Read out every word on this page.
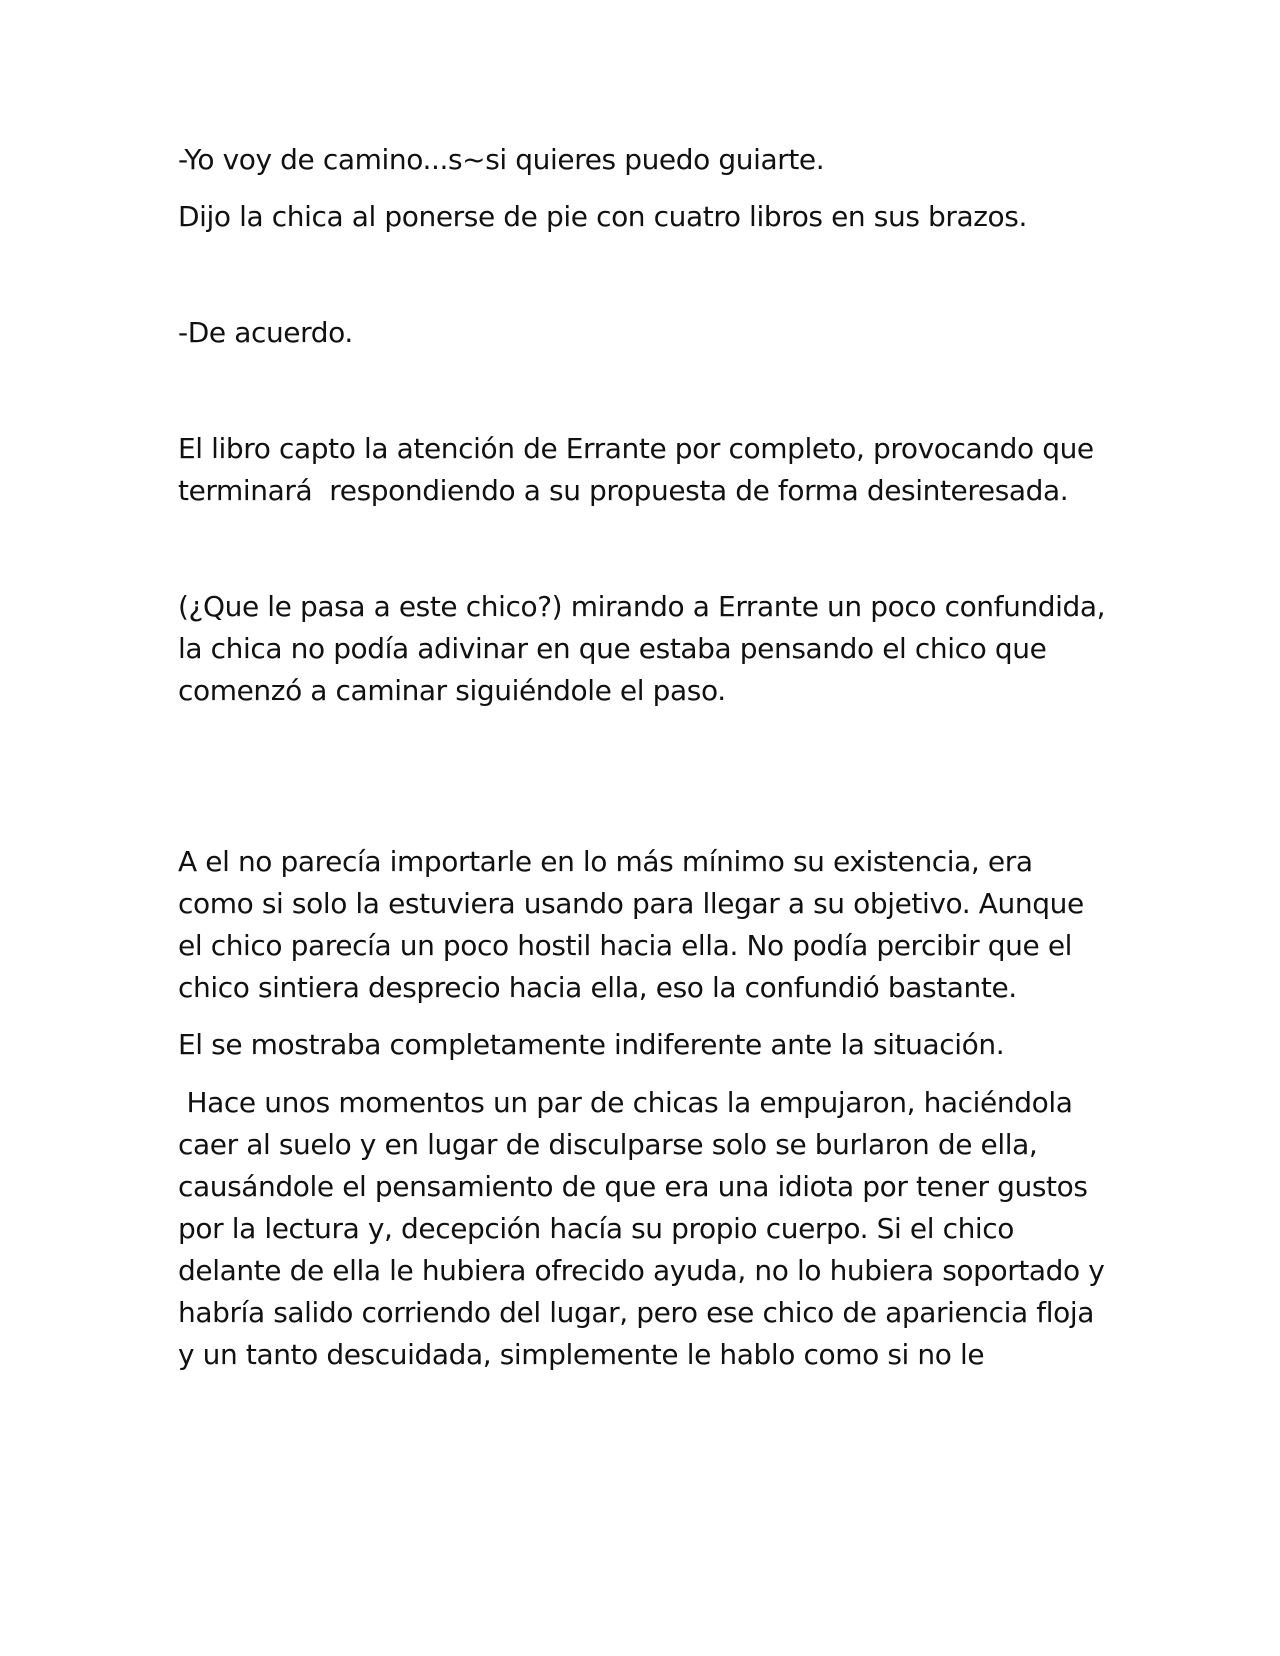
-Yo voy de camino...s~si quieres puedo guiarte.

Dijo la chica al ponerse de pie con cuatro libros en sus brazos.

-De acuerdo.

El libro capto la atención de Errante por completo, provocando que

terminará  respondiendo a su propuesta de forma desinteresada.

(¿Que le pasa a este chico?) mirando a Errante un poco confundida,

la chica no podía adivinar en que estaba pensando el chico que

comenzó a caminar siguiéndole el paso.

A el no parecía importarle en lo más mínimo su existencia, era

como si solo la estuviera usando para llegar a su objetivo. Aunque

el chico parecía un poco hostil hacia ella. No podía percibir que el

chico sintiera desprecio hacia ella, eso la confundió bastante.

El se mostraba completamente indiferente ante la situación.

Hace unos momentos un par de chicas la empujaron, haciéndola

caer al suelo y en lugar de disculparse solo se burlaron de ella,

causándole el pensamiento de que era una idiota por tener gustos

por la lectura y, decepción hacía su propio cuerpo. Si el chico

delante de ella le hubiera ofrecido ayuda, no lo hubiera soportado y

habría salido corriendo del lugar, pero ese chico de apariencia floja

y un tanto descuidada, simplemente le hablo como si no le
